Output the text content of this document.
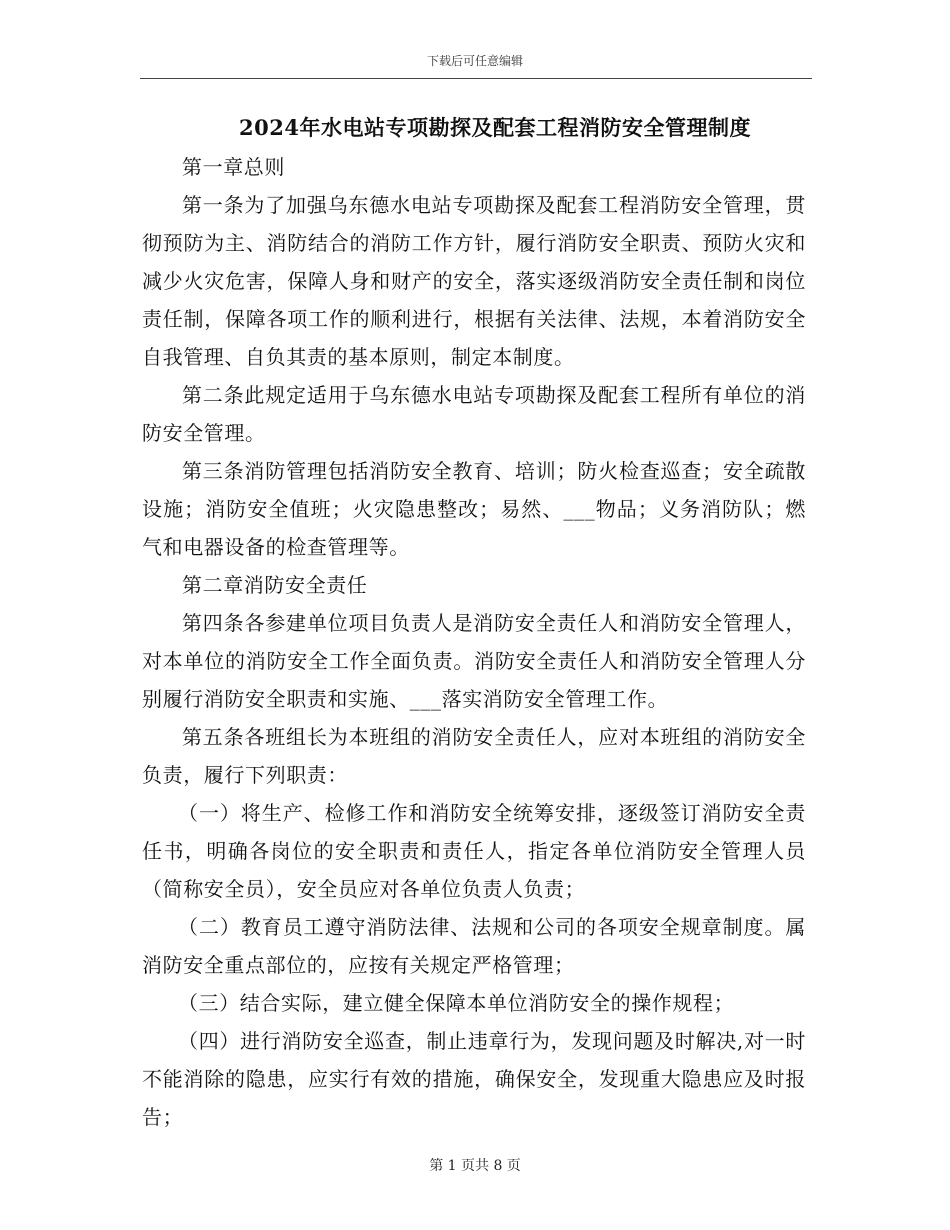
下载后可任意编辑
2024年水电站专项勘探及配套工程消防安全管理制度

第一章总则

第一条为了加强乌东德水电站专项勘探及配套工程消防安全管理，贯彻预防为主、消防结合的消防工作方针，履行消防安全职责、预防火灾和减少火灾危害，保障人身和财产的安全，落实逐级消防安全责任制和岗位责任制，保障各项工作的顺利进行，根据有关法律、法规，本着消防安全自我管理、自负其责的基本原则，制定本制度。

第二条此规定适用于乌东德水电站专项勘探及配套工程所有单位的消防安全管理。

第三条消防管理包括消防安全教育、培训；防火检查巡查；安全疏散设施；消防安全值班；火灾隐患整改；易然、___物品；义务消防队；燃气和电器设备的检查管理等。

第二章消防安全责任

第四条各参建单位项目负责人是消防安全责任人和消防安全管理人，对本单位的消防安全工作全面负责。消防安全责任人和消防安全管理人分别履行消防安全职责和实施、___落实消防安全管理工作。

第五条各班组长为本班组的消防安全责任人，应对本班组的消防安全负责，履行下列职责：

（一）将生产、检修工作和消防安全统筹安排，逐级签订消防安全责任书，明确各岗位的安全职责和责任人，指定各单位消防安全管理人员（简称安全员），安全员应对各单位负责人负责；

（二）教育员工遵守消防法律、法规和公司的各项安全规章制度。属消防安全重点部位的，应按有关规定严格管理；

（三）结合实际，建立健全保障本单位消防安全的操作规程；

（四）进行消防安全巡查，制止违章行为，发现问题及时解决,对一时不能消除的隐患，应实行有效的措施，确保安全，发现重大隐患应及时报告；

第 1 页共 8 页
